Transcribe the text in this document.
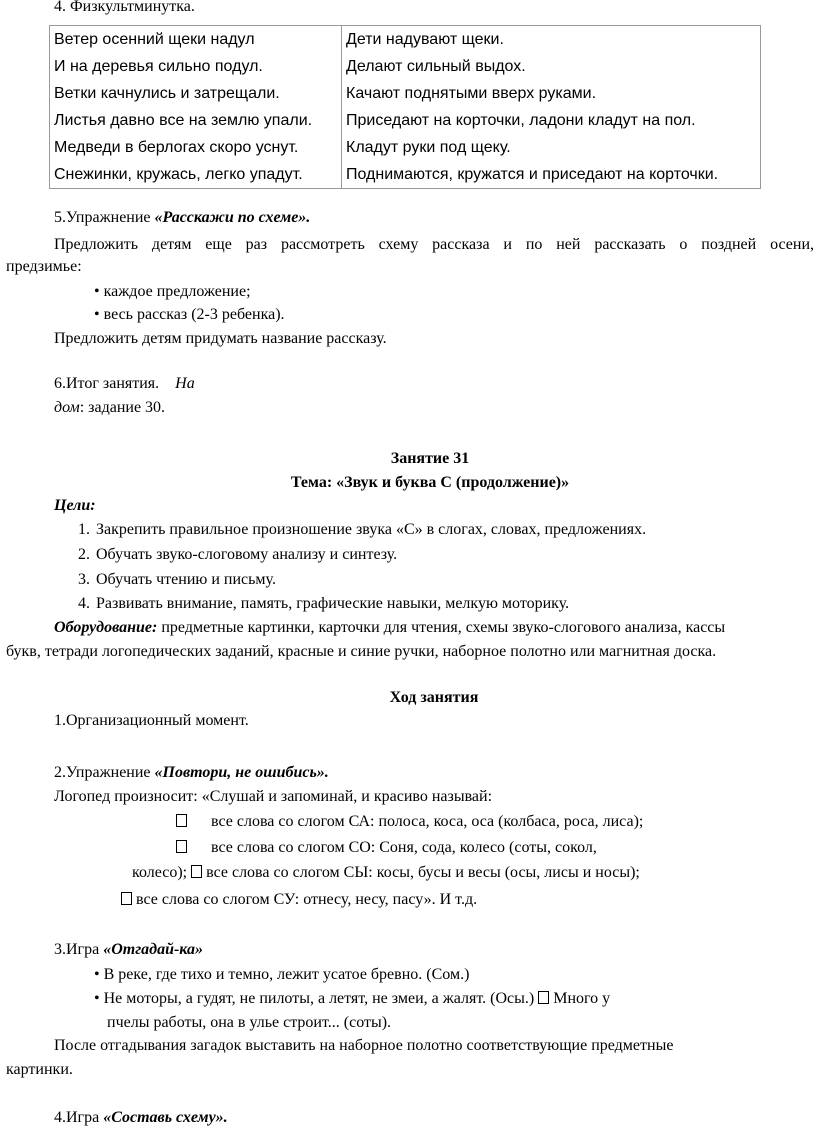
4. Физкультминутка.
Ветер осенний щеки надул	Дети надувают щеки.
И на деревья сильно подул.	Делают сильный выдох.
Ветки качнулись и затрещали.	Качают поднятыми вверх руками.
Листья давно все на землю упали.	Приседают на корточки, ладони кладут на пол.
Медведи в берлогах скоро уснут.	Кладут руки под щеку.
Снежинки, кружась, легко упадут.	Поднимаются, кружатся и приседают на корточки.
5.Упражнение «Расскажи по схеме».
Предложить детям еще раз рассмотреть схему рассказа и по ней рассказать о поздней осени,
предзимье:
• каждое предложение;
• весь рассказ (2-3 ребенка).
Предложить детям придумать название рассказу.
6.Итог занятия. На
дом: задание 30.
Занятие 31
Тема: «Звук и буква С (продолжение)»
Цели:
1. Закрепить правильное произношение звука «С» в слогах, словах, предложениях.
2. Обучать звуко-слоговому анализу и синтезу.
3. Обучать чтению и письму.
4. Развивать внимание, память, графические навыки, мелкую моторику.
Оборудование: предметные картинки, карточки для чтения, схемы звуко-слогового анализа, кассы
букв, тетради логопедических заданий, красные и синие ручки, наборное полотно или магнитная доска.
Ход занятия
1.Организационный момент.
2.Упражнение «Повтори, не ошибись».
Логопед произносит: «Слушай и запоминай, и красиво называй:
все слова со слогом СА: полоса, коса, оса (колбаса, роса, лиса);
все слова со слогом СО: Соня, сода, колесо (соты, сокол,
колесо); все слова со слогом СЫ: косы, бусы и весы (осы, лисы и носы);
все слова со слогом СУ: отнесу, несу, пасу». И т.д.
3.Игра «Отгадай-ка»
• В реке, где тихо и темно, лежит усатое бревно. (Сом.)
• Не моторы, а гудят, не пилоты, а летят, не змеи, а жалят. (Осы.) Много у
пчелы работы, она в улье строит... (соты).
После отгадывания загадок выставить на наборное полотно соответствующие предметные
картинки.
4.Игра «Составь схему».
